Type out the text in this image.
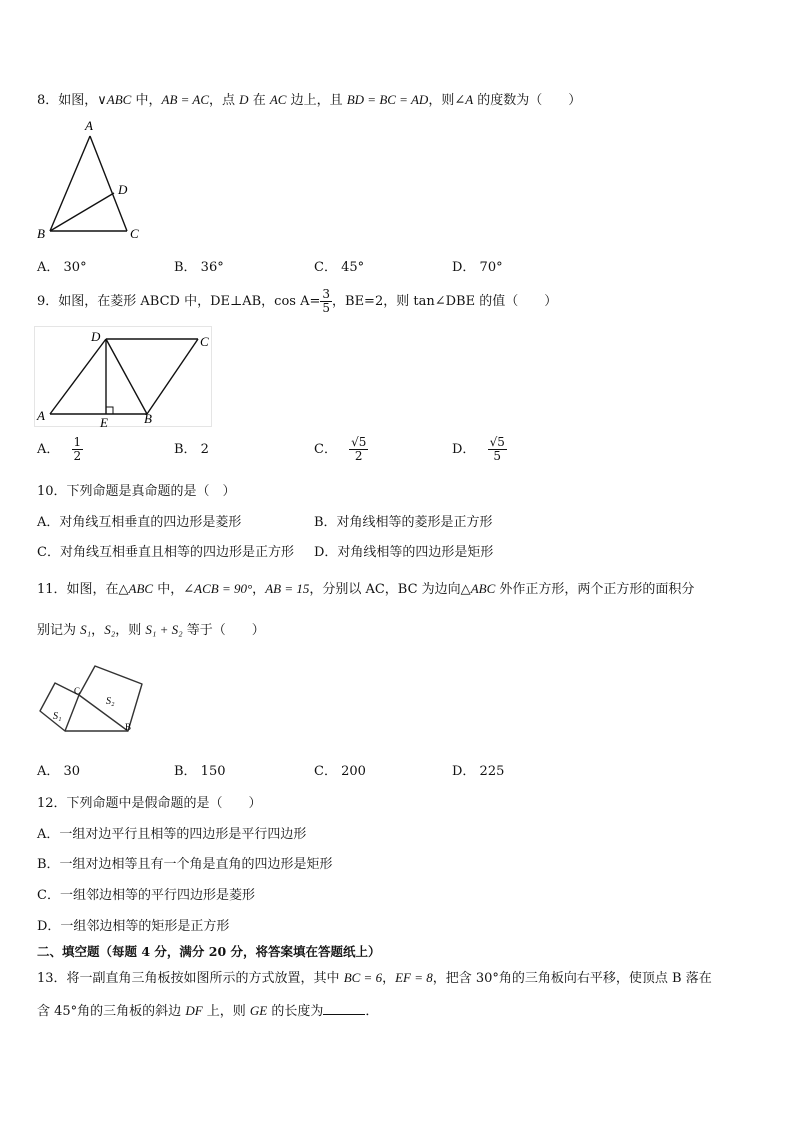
8．如图，∨ABC 中，AB = AC，点 D 在 AC 边上，且 BD = BC = AD，则∠A 的度数为（　　）
A
B	C
D
A． 30°	B． 36°	C． 45°	D． 70°
9．如图，在菱形 ABCD 中，DE⊥AB，$\cos A= \frac{3}{5}$ ，BE=2，则 tan∠DBE 的值（　　）
D	C
A	B
E
A． $\frac{1}{2}$	B． 2	C． $\frac{√5}{2}$	D． $\frac{√5}{5}$
10．下列命题是真命题的是（　）
A．对角线互相垂直的四边形是菱形	B．对角线相等的菱形是正方形
C．对角线互相垂直且相等的四边形是正方形 D．对角线相等的四边形是矩形
11．如图，在△ABC 中，∠ACB = 90°，AB = 15，分别以 AC，BC 为边向△ABC 外作正方形，两个正方形的面积分
别记为 S₁，S₂，则 S₁ + S₂ 等于（　　）
C
S₁
S₂
B
A． 30	B． 150	C． 200	D． 225
12．下列命题中是假命题的是（　　）
A．一组对边平行且相等的四边形是平行四边形
B．一组对边相等且有一个角是直角的四边形是矩形
C．一组邻边相等的平行四边形是菱形
D．一组邻边相等的矩形是正方形
二、填空题（每题 4 分，满分 20 分，将答案填在答题纸上）
13．将一副直角三角板按如图所示的方式放置，其中 BC = 6，EF = 8，把含 30°角的三角板向右平移，使顶点 B 落在
含 45°角的三角板的斜边 DF 上，则 GE 的长度为	．
